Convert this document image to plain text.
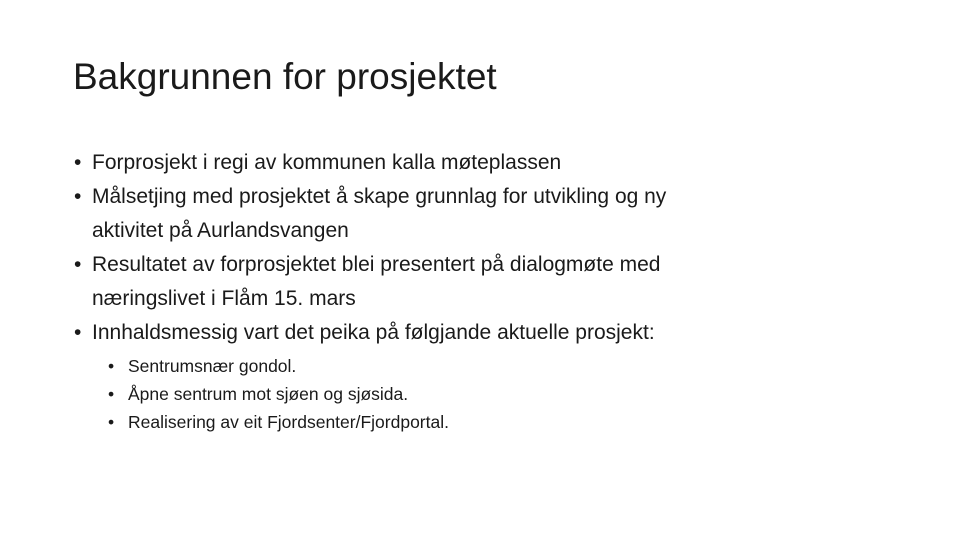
Bakgrunnen for prosjektet
• Forprosjekt i regi av kommunen kalla møteplassen
• Målsetjing med prosjektet å skape grunnlag for utvikling og ny
aktivitet på Aurlandsvangen
• Resultatet av forprosjektet blei presentert på dialogmøte med
næringslivet i Flåm 15. mars
• Innhaldsmessig vart det peika på følgjande aktuelle prosjekt:
• Sentrumsnær gondol.
• Åpne sentrum mot sjøen og sjøsida.
• Realisering av eit Fjordsenter/Fjordportal.
